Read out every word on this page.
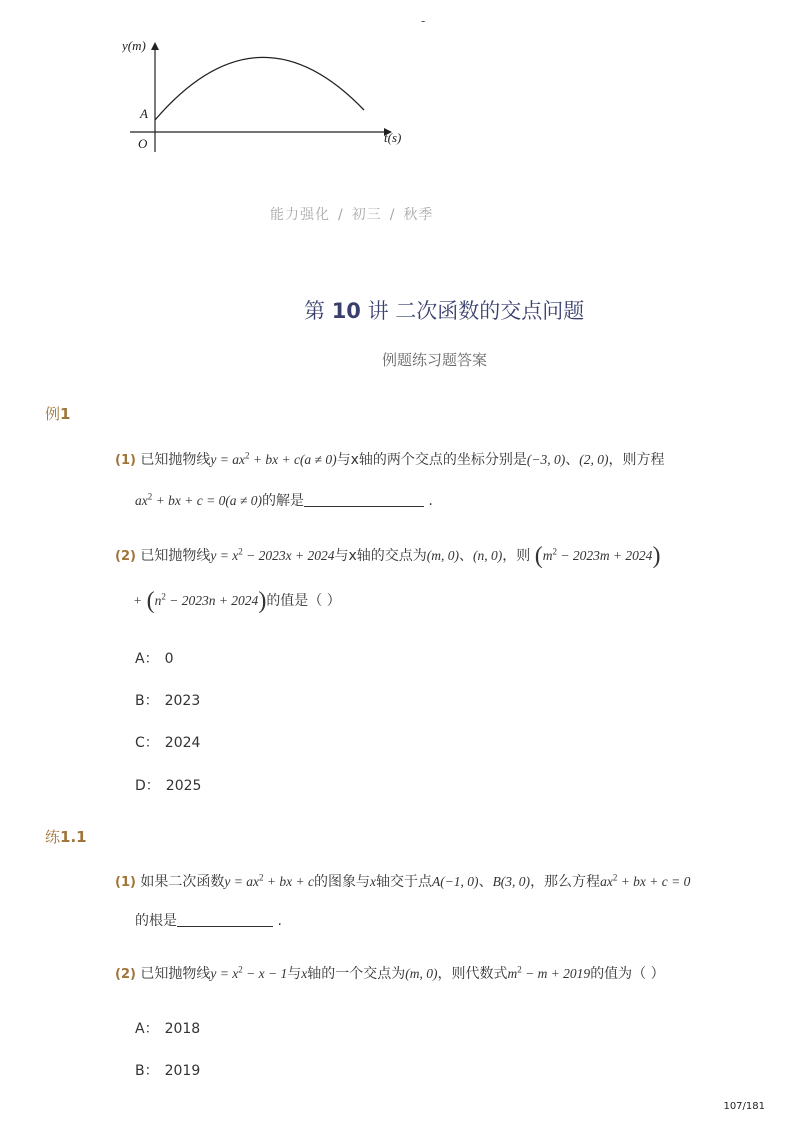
-
y(m)
A
O	t(s)
能力强化 / 初三 / 秋季
第 10 讲 二次函数的交点问题
例题练习题答案
例1
(1) 已知抛物线$y = ax^2$ + bx + c(a ≠ 0)与x轴的两个交点的坐标分别是(−3, 0)、(2, 0)，则方程
$ax^2$ + bx + c = 0(a ≠ 0)的解是	.
(2) 已知抛物线$y = x^2 - 2023x + 2024$与x轴的交点为(m, 0)、(n, 0)，则 $(m^2 - 2023m + 2024)$
+ $(n^2 - 2023n + 2024)$的值是（ ）
A： 0
B： 2023
C： 2024
D： 2025
练1.1
(1) 如果二次函数$y = ax^2$ + bx + c的图象与x轴交于点A(−1, 0)、B(3, 0)，那么方程$ax^2$ + bx + c = 0
的根是	.
(2) 已知抛物线$y = x^2 - x - 1$与x轴的一个交点为(m, 0)，则代数式$m^2 - m + 2019$的值为（ ）
A： 2018
B： 2019
107/181
